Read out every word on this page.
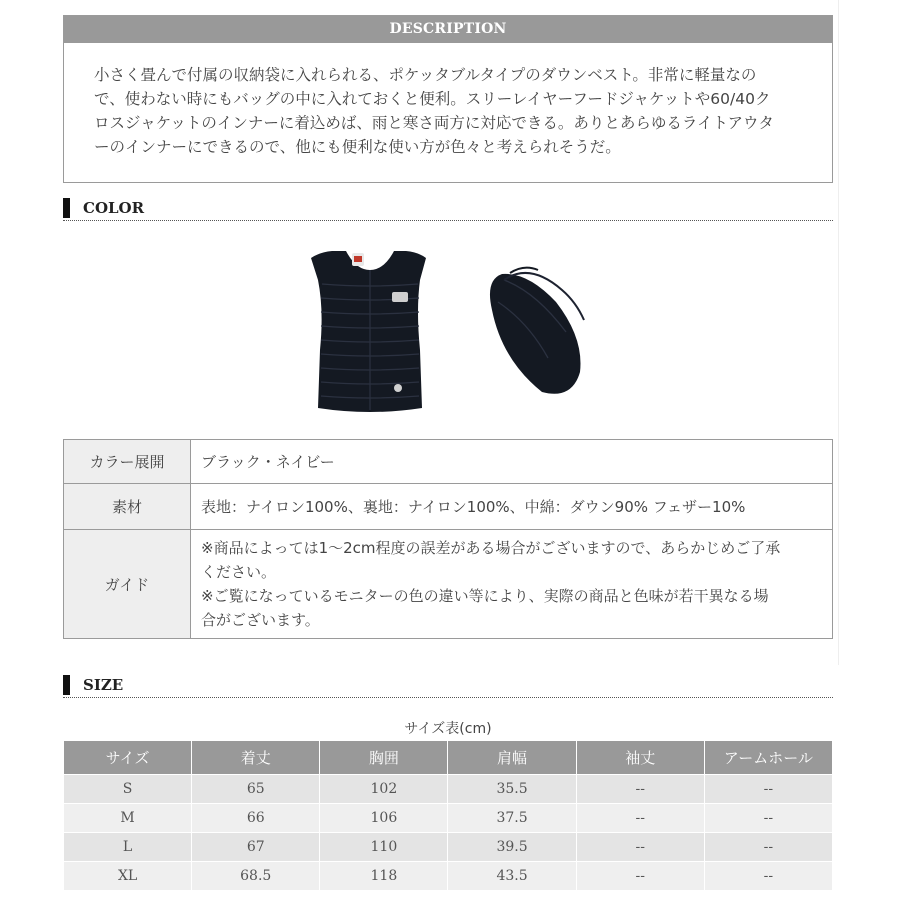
DESCRIPTION
小さく畳んで付属の収納袋に入れられる、ポケッタブルタイプのダウンベスト。非常に軽量なの
で、使わない時にもバッグの中に入れておくと便利。スリーレイヤーフードジャケットや60/40ク
ロスジャケットのインナーに着込めば、雨と寒さ両方に対応できる。ありとあらゆるライトアウタ
ーのインナーにできるので、他にも便利な使い方が色々と考えられそうだ。
COLOR
カラー展開	ブラック・ネイビー
素材	表地：ナイロン100%、裏地：ナイロン100%、中綿：ダウン90% フェザー10%
ガイド	※商品によっては1～2cm程度の誤差がある場合がございますので、あらかじめご了承
ください。
※ご覧になっているモニターの色の違い等により、実際の商品と色味が若干異なる場
合がございます。
SIZE
サイズ表(cm)
サイズ	着丈	胸囲	肩幅	袖丈	アームホール
S	65	102	35.5	--	--
M	66	106	37.5	--	--
L	67	110	39.5	--	--
XL	68.5	118	43.5	--	--
